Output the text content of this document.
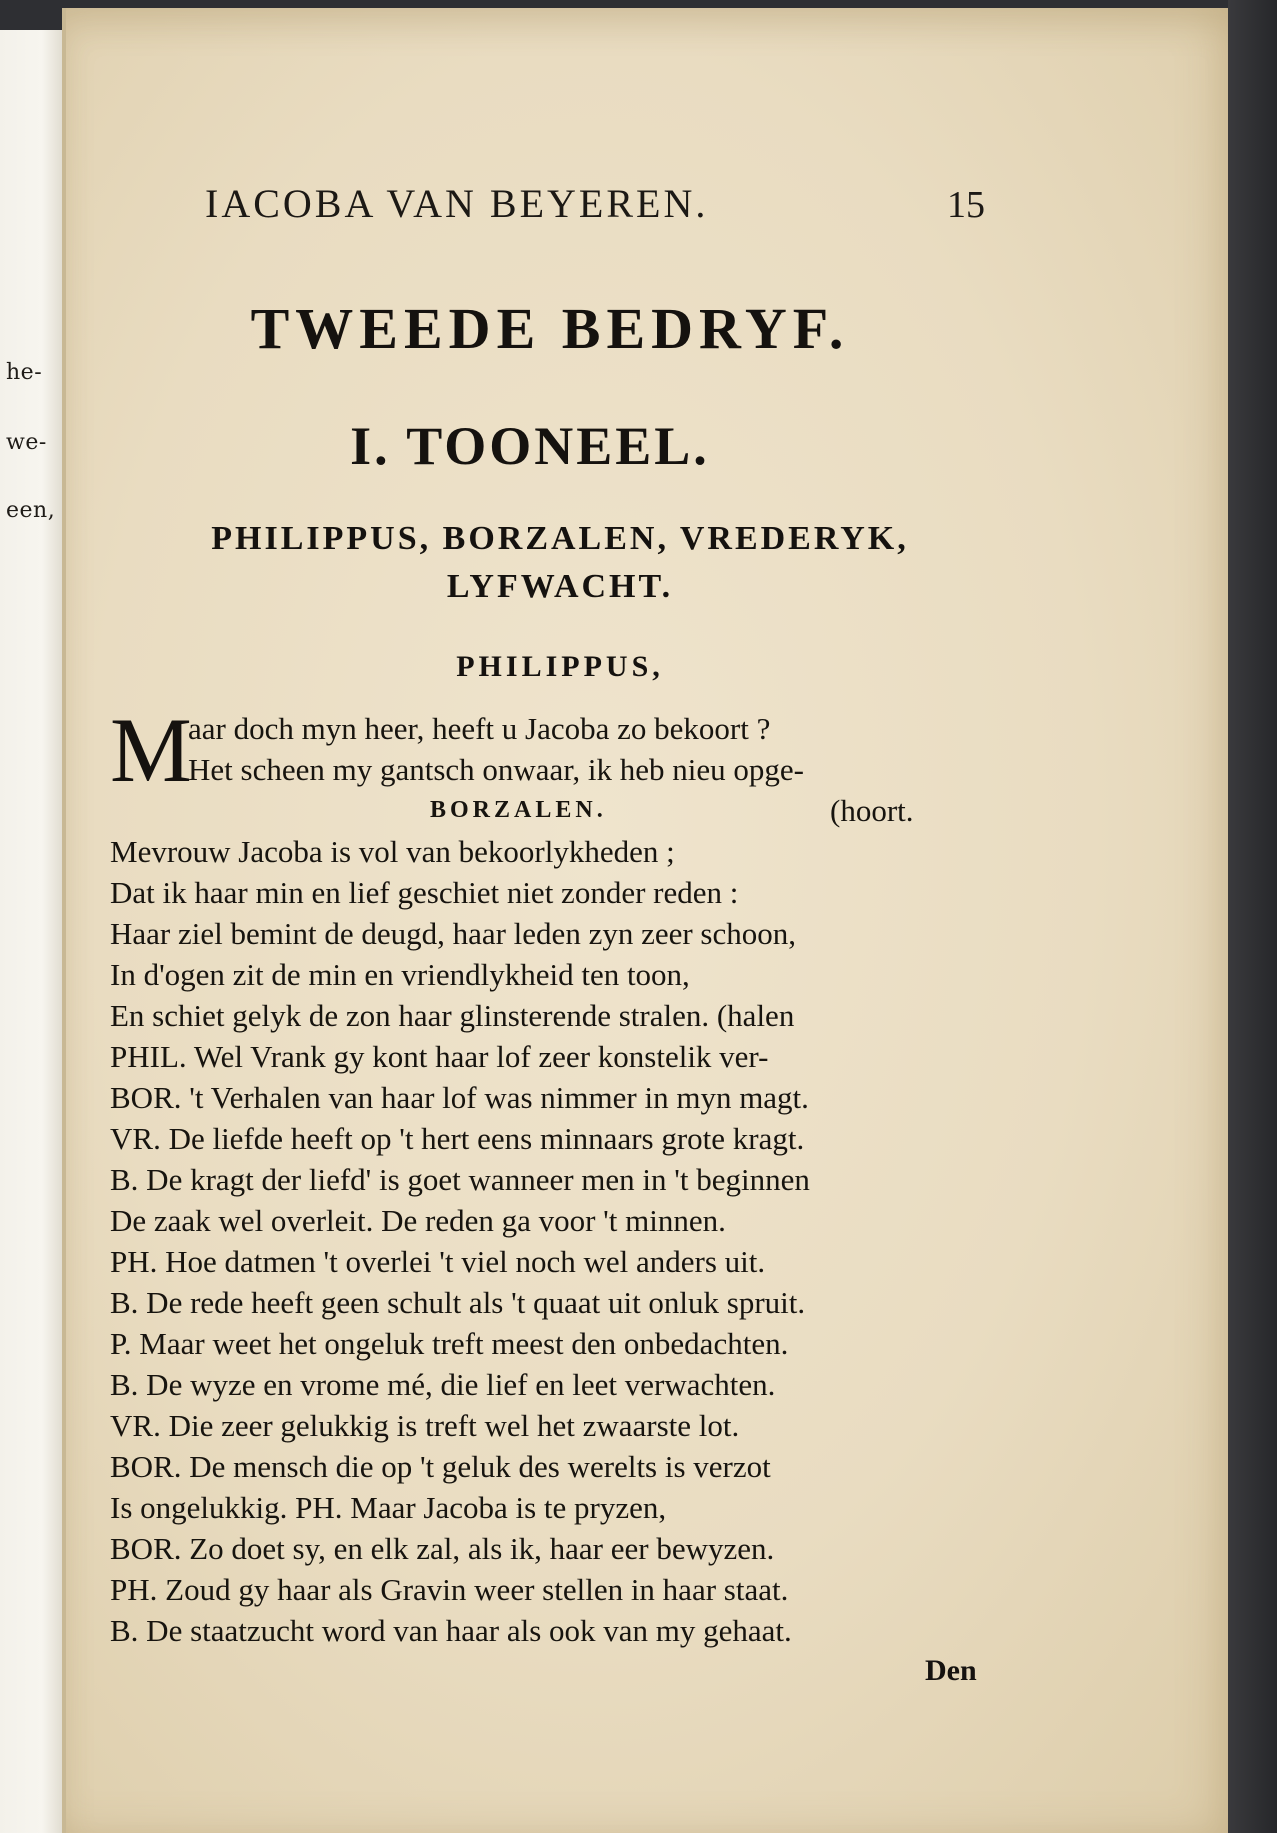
he-
we-
een,
IACOBA VAN BEYEREN.	15
TWEEDE BEDRYF.
I. TOONEEL.
PHILIPPUS, BORZALEN, VREDERYK,
LYFWACHT.
PHILIPPUS,
M
aar doch myn heer, heeft u Jacoba zo bekoort ?
Het scheen my gantsch onwaar, ik heb nieu opge-
BORZALEN.	(hoort.
Mevrouw Jacoba is vol van bekoorlykheden ;
Dat ik haar min en lief geschiet niet zonder reden :
Haar ziel bemint de deugd, haar leden zyn zeer schoon,
In d'ogen zit de min en vriendlykheid ten toon,
En schiet gelyk de zon haar glinsterende stralen. (halen
PHIL. Wel Vrank gy kont haar lof zeer konstelik ver-
BOR. 't Verhalen van haar lof was nimmer in myn magt.
VR. De liefde heeft op 't hert eens minnaars grote kragt.
B. De kragt der liefd' is goet wanneer men in 't beginnen
De zaak wel overleit. De reden ga voor 't minnen.
PH. Hoe datmen 't overlei 't viel noch wel anders uit.
B. De rede heeft geen schult als 't quaat uit onluk spruit.
P. Maar weet het ongeluk treft meest den onbedachten.
B. De wyze en vrome mé, die lief en leet verwachten.
VR. Die zeer gelukkig is treft wel het zwaarste lot.
BOR. De mensch die op 't geluk des werelts is verzot
Is ongelukkig. PH. Maar Jacoba is te pryzen,
BOR. Zo doet sy, en elk zal, als ik, haar eer bewyzen.
PH. Zoud gy haar als Gravin weer stellen in haar staat.
B. De staatzucht word van haar als ook van my gehaat.
Den
